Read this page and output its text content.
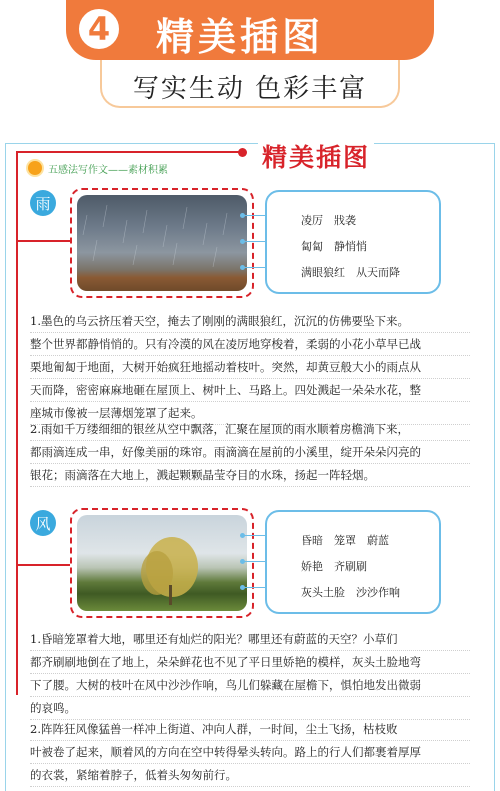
4	精美插图
写实生动 色彩丰富
精美插图
五感法写作文——素材积累
雨
凌厉　戕袭
匐匐　静悄悄
满眼狼红　从天而降
1.墨色的乌云挤压着天空，掩去了刚刚的满眼狼红，沉沉的仿佛要坠下来。
整个世界都静悄悄的。只有冷漠的风在凌厉地穿梭着，柔弱的小花小草早已战
栗地匍匐于地面，大树开始疯狂地摇动着枝叶。突然，却黄豆般大小的雨点从
天而降，密密麻麻地砸在屋顶上、树叶上、马路上。四处溅起一朵朵水花，整
座城市像被一层薄烟笼罩了起来。
2.雨如千万缕细细的银丝从空中飘落，汇聚在屋顶的雨水顺着房檐淌下来，
都雨滴连成一串，好像美丽的珠帘。雨滴滴在屋前的小溪里，绽开朵朵闪亮的
银花；雨滴落在大地上，溅起颗颗晶莹夺目的水珠，扬起一阵轻烟。
风
昏暗　笼罩　蔚蓝
娇艳　齐刷刷
灰头土脸　沙沙作响
1.昏暗笼罩着大地，哪里还有灿烂的阳光？哪里还有蔚蓝的天空？小草们
都齐刷刷地倒在了地上，朵朵鲜花也不见了平日里娇艳的模样，灰头土脸地弯
下了腰。大树的枝叶在风中沙沙作响，鸟儿们躲藏在屋檐下，惧怕地发出微弱
的哀鸣。
2.阵阵狂风像猛兽一样冲上街道、冲向人群，一时间，尘土飞扬，枯枝败
叶被卷了起来，顺着风的方向在空中转得晕头转向。路上的行人们都裹着厚厚
的衣裳，紧缩着脖子，低着头匆匆前行。
